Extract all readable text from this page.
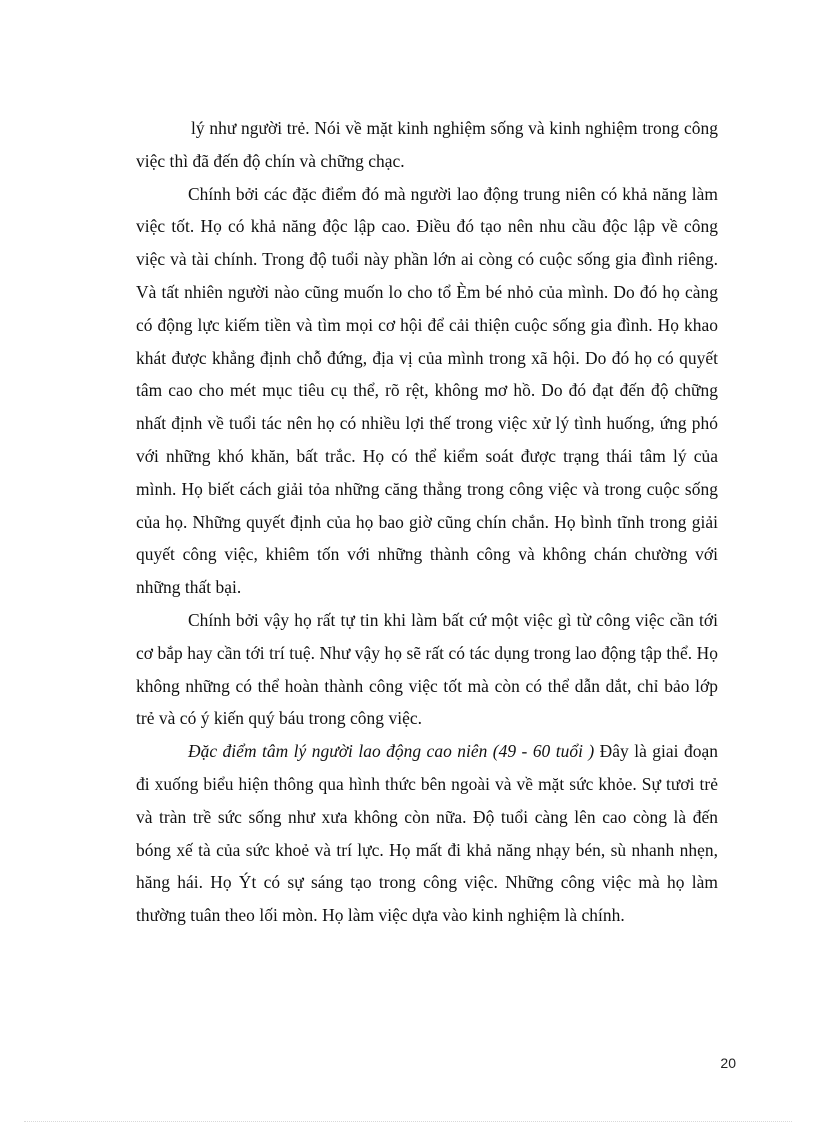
lý như người trẻ. Nói về mặt kinh nghiệm sống và kinh nghiệm trong công việc thì đã đến độ chín và chững chạc.

Chính bởi các đặc điểm đó mà người lao động trung niên có khả năng làm việc tốt. Họ có khả năng độc lập cao. Điều đó tạo nên nhu cầu độc lập về công việc và tài chính. Trong độ tuổi này phần lớn ai còng có cuộc sống gia đình riêng. Và tất nhiên người nào cũng muốn lo cho tổ Èm bé nhỏ của mình. Do đó họ càng có động lực kiếm tiền và tìm mọi cơ hội để cải thiện cuộc sống gia đình. Họ khao khát được khẳng định chỗ đứng, địa vị của mình trong xã hội. Do đó họ có quyết tâm cao cho mét mục tiêu cụ thể, rõ rệt, không mơ hồ. Do đó đạt đến độ chững nhất định về tuổi tác nên họ có nhiều lợi thế trong việc xử lý tình huống, ứng phó với những khó khăn, bất trắc. Họ có thể kiểm soát được trạng thái tâm lý của mình. Họ biết cách giải tỏa những căng thẳng trong công việc và trong cuộc sống của họ. Những quyết định của họ bao giờ cũng chín chắn. Họ bình tĩnh trong giải quyết công việc, khiêm tốn với những thành công và không chán chường với những thất bại.

Chính bởi vậy họ rất tự tin khi làm bất cứ một việc gì từ công việc cần tới cơ bắp hay cần tới trí tuệ. Như vậy họ sẽ rất có tác dụng trong lao động tập thể. Họ không những có thể hoàn thành công việc tốt mà còn có thể dẫn dắt, chỉ bảo lớp trẻ và có ý kiến quý báu trong công việc.

Đặc điểm tâm lý người lao động cao niên (49 - 60 tuổi ) Đây là giai đoạn đi xuống biểu hiện thông qua hình thức bên ngoài và về mặt sức khỏe. Sự tươi trẻ và tràn trề sức sống như xưa không còn nữa. Độ tuổi càng lên cao còng là đến bóng xế tà của sức khoẻ và trí lực. Họ mất đi khả năng nhạy bén, sù nhanh nhẹn, hăng hái. Họ Ýt có sự sáng tạo trong công việc. Những công việc mà họ làm thường tuân theo lối mòn. Họ làm việc dựa vào kinh nghiệm là chính.

20
